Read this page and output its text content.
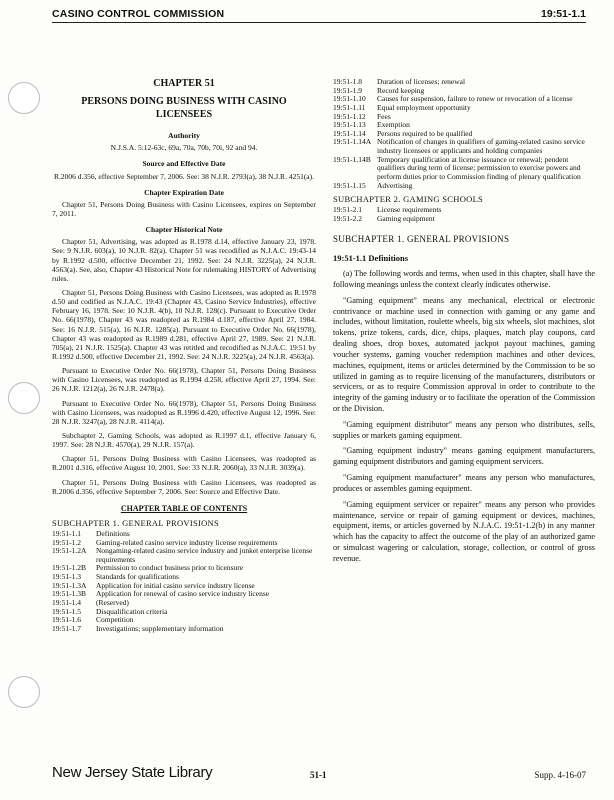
CASINO CONTROL COMMISSION	19:51-1.1
CHAPTER 51
PERSONS DOING BUSINESS WITH CASINO LICENSEES
Authority

N.J.S.A. 5:12-63c, 69a, 70a, 70b, 70i, 92 and 94.

Source and Effective Date

R.2006 d.356, effective September 7, 2006. See: 38 N.J.R. 2793(a), 38 N.J.R. 4251(a).

Chapter Expiration Date

Chapter 51, Persons Doing Business with Casino Licensees, expires on September 7, 2011.

Chapter Historical Note

Chapter 51, Advertising, was adopted as R.1978 d.14, effective January 23, 1978. See: 9 N.J.R. 603(a), 10 N.J.R. 82(a). Chapter 51 was recodified as N.J.A.C. 19:43-14 by R.1992 d.500, effective December 21, 1992. See: 24 N.J.R. 3225(a), 24 N.J.R. 4563(a). See, also, Chapter 43 Historical Note for rulemaking HISTORY of Advertising rules.

Chapter 51, Persons Doing Business with Casino Licensees, was adopted as R.1978 d.50 and codified as N.J.A.C. 19:43 (Chapter 43, Casino Service Industries), effective February 16, 1978. See: 10 N.J.R. 4(b), 10 N.J.R. 128(c). Pursuant to Executive Order No. 66(1978), Chapter 43 was readopted as R.1984 d.187, effective April 27, 1984. See: 16 N.J.R. 515(a), 16 N.J.R. 1285(a). Pursuant to Executive Order No. 66(1978), Chapter 43 was readopted as R.1989 d.281, effective April 27, 1989. See: 21 N.J.R. 705(a), 21 N.J.R. 1525(a). Chapter 43 was retitled and recodified as N.J.A.C. 19:51 by R.1992 d.500, effective December 21, 1992. See: 24 N.J.R. 3225(a), 24 N.J.R. 4563(a).

Pursuant to Executive Order No. 66(1978), Chapter 51, Persons Doing Business with Casino Licensees, was readopted as R.1994 d.258, effective April 27, 1994. See: 26 N.J.R. 1212(a), 26 N.J.R. 2478(a).

Pursuant to Executive Order No. 66(1978), Chapter 51, Persons Doing Business with Casino Licensees, was readopted as R.1996 d.420, effective August 12, 1996. See: 28 N.J.R. 3247(a), 28 N.J.R. 4114(a).

Subchapter 2, Gaming Schools, was adopted as R.1997 d.1, effective January 6, 1997. See: 28 N.J.R. 4570(a), 29 N.J.R. 157(a).

Chapter 51, Persons Doing Business with Casino Licensees, was readopted as R.2001 d.316, effective August 10, 2001. See: 33 N.J.R. 2060(a), 33 N.J.R. 3039(a).

Chapter 51, Persons Doing Business with Casino Licensees, was readopted as R.2006 d.356, effective September 7, 2006. See: Source and Effective Date.

CHAPTER TABLE OF CONTENTS
SUBCHAPTER 1. GENERAL PROVISIONS
19:51-1.1	Definitions
19:51-1.2	Gaming-related casino service industry license requirements
19:51-1.2A	Nongaming-related casino service industry and junket enterprise license requirements
19:51-1.2B	Permission to conduct business prior to licensure
19:51-1.3	Standards for qualifications
19:51-1.3A	Application for initial casino service industry license
19:51-1.3B	Application for renewal of casino service industry license
19:51-1.4	(Reserved)
19:51-1.5	Disqualification criteria
19:51-1.6	Competition
19:51-1.7	Investigations; supplementary information
19:51-1.8	Duration of licenses; renewal
19:51-1.9	Record keeping
19:51-1.10	Causes for suspension, failure to renew or revocation of a license
19:51-1.11	Equal employment opportunity
19:51-1.12	Fees
19:51-1.13	Exemption
19:51-1.14	Persons required to be qualified
19:51-1.14A Notification of changes in qualifiers of gaming-related casino service industry licensees or applicants and holding companies
19:51-1.14B Temporary qualification at license issuance or renewal; pendent qualifiers during term of license; permission to exercise powers and perform duties prior to Commission finding of plenary qualification
19:51-1.15	Advertising
SUBCHAPTER 2. GAMING SCHOOLS
19:51-2.1	License requirements
19:51-2.2	Gaming equipment
SUBCHAPTER 1. GENERAL PROVISIONS
19:51-1.1 Definitions

(a) The following words and terms, when used in this chapter, shall have the following meanings unless the context clearly indicates otherwise.

"Gaming equipment" means any mechanical, electrical or electronic contrivance or machine used in connection with gaming or any game and includes, without limitation, roulette wheels, big six wheels, slot machines, slot tokens, prize tokens, cards, dice, chips, plaques, match play coupons, card dealing shoes, drop boxes, automated jackpot payout machines, gaming voucher systems, gaming voucher redemption machines and other devices, machines, equipment, items or articles determined by the Commission to be so utilized in gaming as to require licensing of the manufacturers, distributors or servicers, or as to require Commission approval in order to contribute to the integrity of the gaming industry or to facilitate the operation of the Commission or the Division.

"Gaming equipment distributor" means any person who distributes, sells, supplies or markets gaming equipment.

"Gaming equipment industry" means gaming equipment manufacturers, gaming equipment distributors and gaming equipment servicers.

"Gaming equipment manufacturer" means any person who manufactures, produces or assembles gaming equipment.

"Gaming equipment servicer or repairer" means any person who provides maintenance, service or repair of gaming equipment or devices, machines, equipment, items, or articles governed by N.J.A.C. 19:51-1.2(b) in any manner which has the capacity to affect the outcome of the play of an authorized game or simulcast wagering or calculation, storage, collection, or control of gross revenue.

New Jersey State Library	51-1	Supp. 4-16-07
